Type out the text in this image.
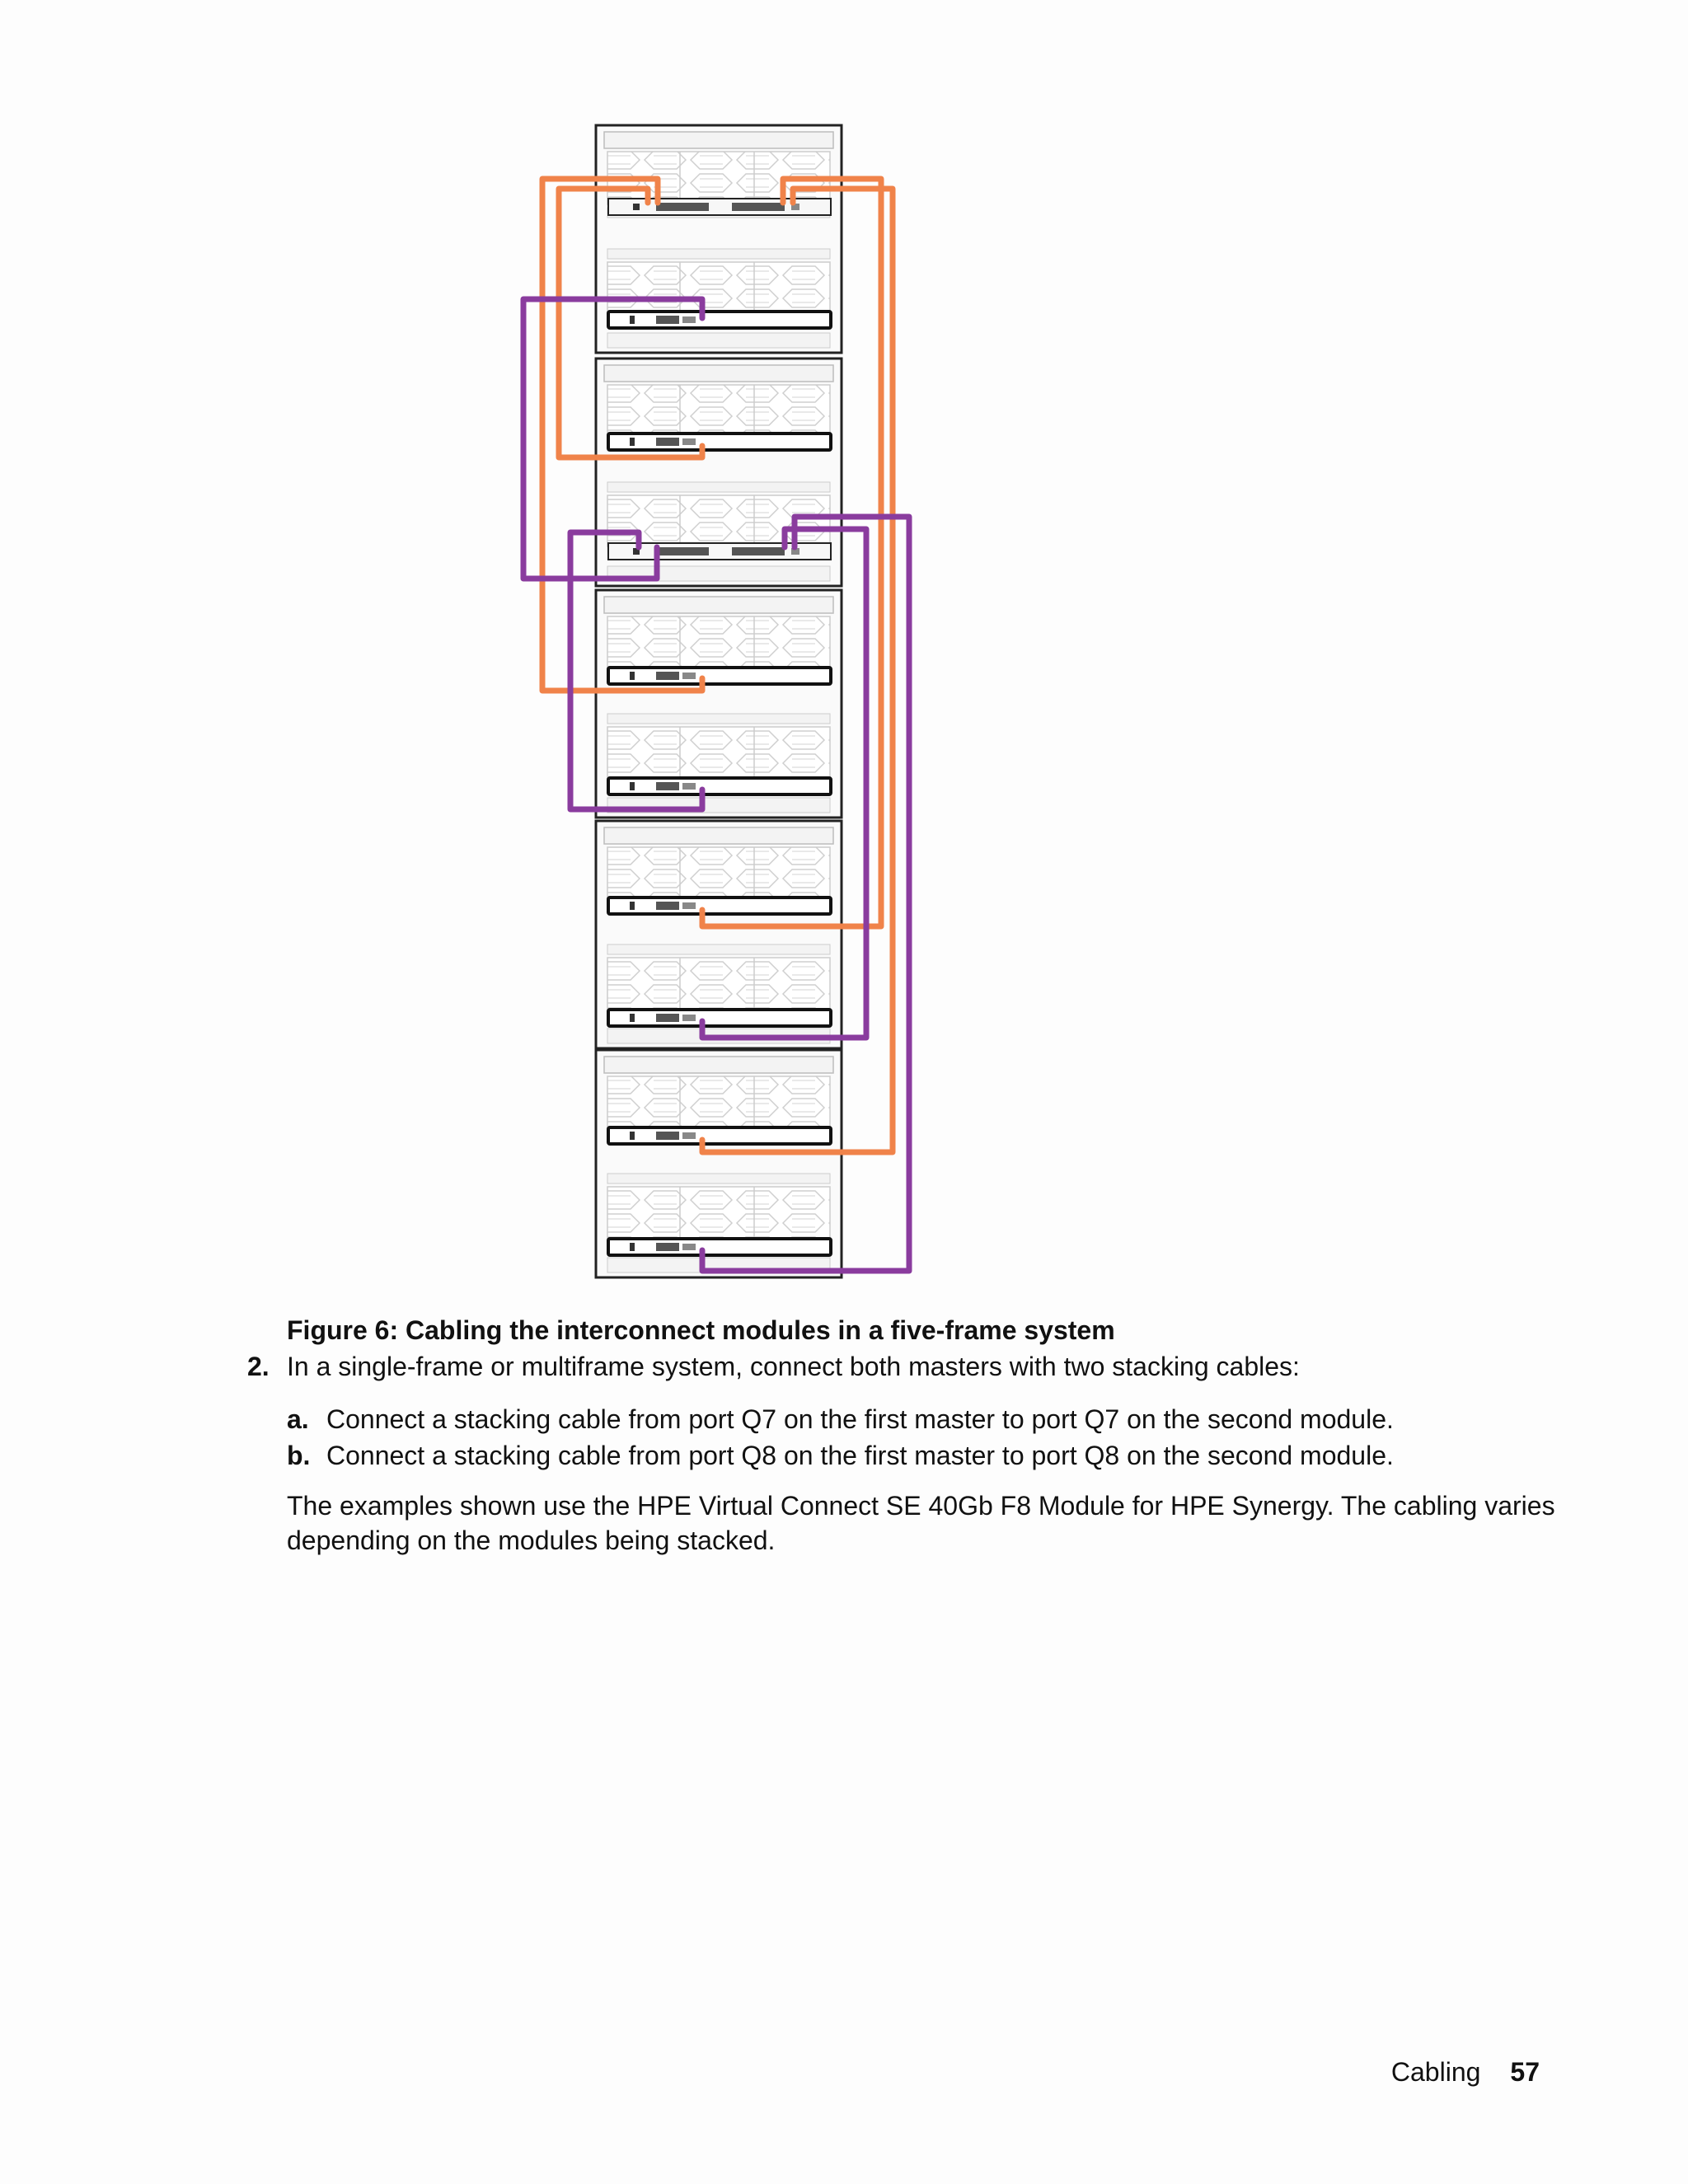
Figure 6: Cabling the interconnect modules in a five-frame system
2. In a single-frame or multiframe system, connect both masters with two stacking cables:
a. Connect a stacking cable from port Q7 on the first master to port Q7 on the second module.
b. Connect a stacking cable from port Q8 on the first master to port Q8 on the second module.
The examples shown use the HPE Virtual Connect SE 40Gb F8 Module for HPE Synergy. The cabling varies depending on the modules being stacked.
Cabling 57
